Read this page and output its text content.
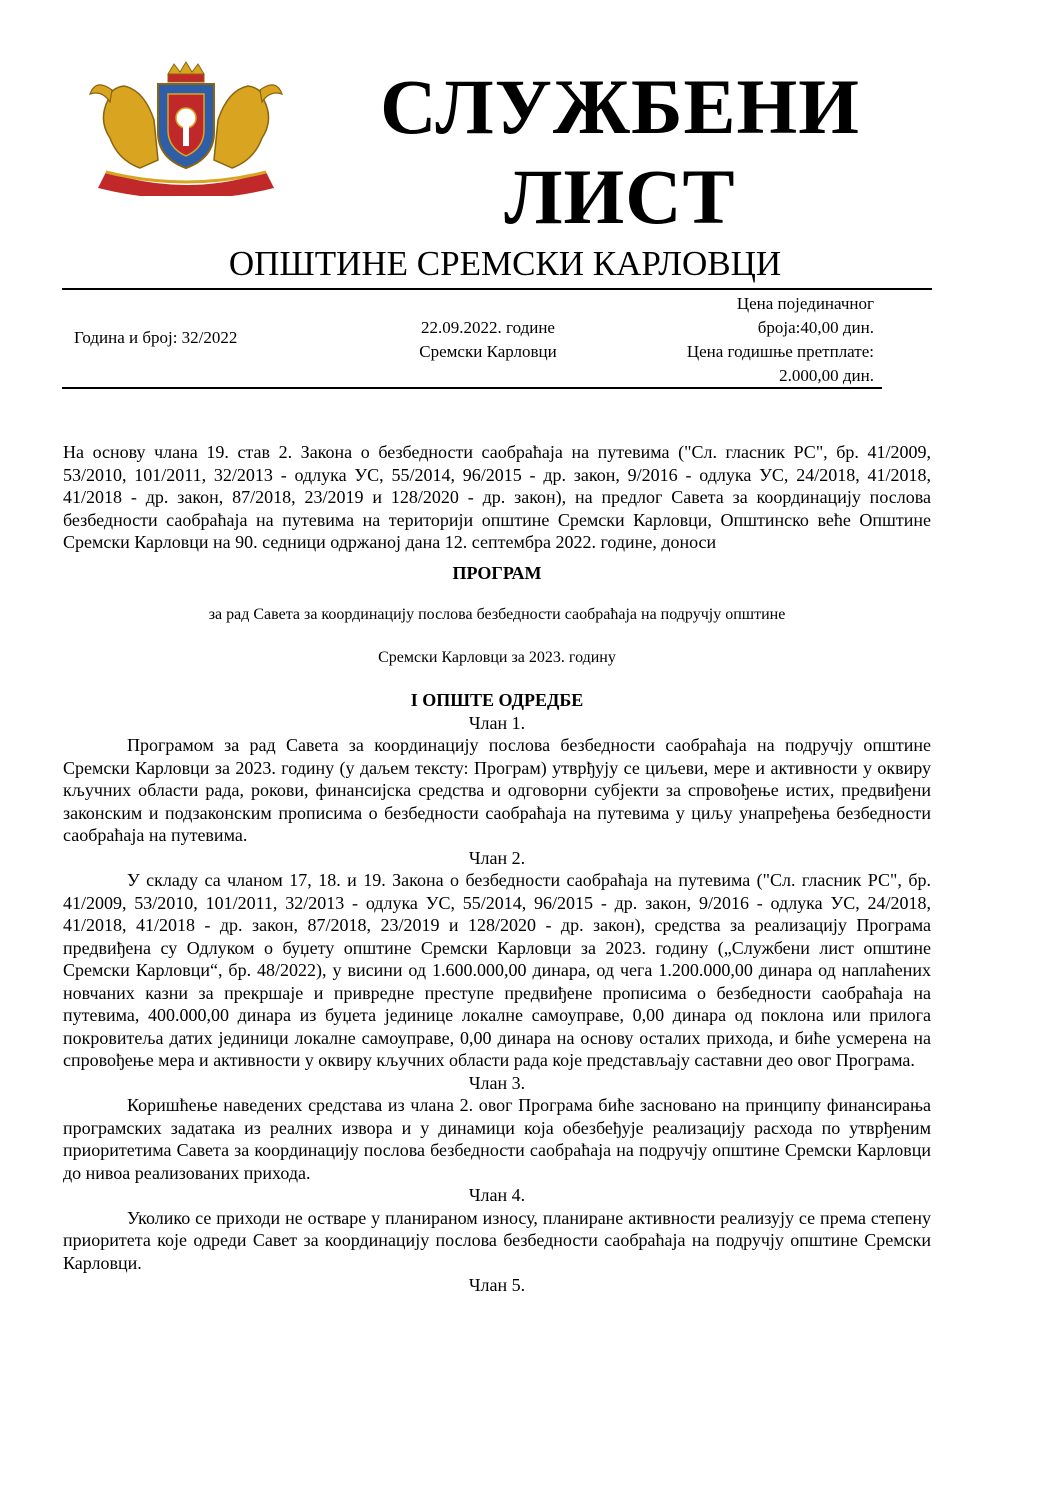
СЛУЖБЕНИ
ЛИСТ
ОПШТИНЕ СРЕМСКИ КАРЛОВЦИ
Година и број: 32/2022
22.09.2022. године
Сремски Карловци
Цена појединачног
броја:40,00 дин.
Цена годишње претплате:
2.000,00 дин.

На основу члана 19. став 2. Закона о безбедности саобраћаја на путевима ("Сл. гласник РС", бр. 41/2009, 53/2010, 101/2011, 32/2013 - одлука УС, 55/2014, 96/2015 - др. закон, 9/2016 - одлука УС, 24/2018, 41/2018, 41/2018 - др. закон, 87/2018, 23/2019 и 128/2020 - др. закон), на предлог Савета за координацију послова безбедности саобраћаја на путевима на територији општине Сремски Карловци, Општинско веће Општине Сремски Карловци на 90. седници одржаној дана 12. септембра 2022. године, доноси

ПРОГРАМ

за рад Савета за координацију послова безбедности саобраћаја на подручју општине

Сремски Карловци за 2023. годину

I ОПШТЕ ОДРЕДБЕ

Члан 1.

Програмом за рад Савета за координацију послова безбедности саобраћаја на подручју општине Сремски Карловци за 2023. годину (у даљем тексту: Програм) утврђују се циљеви, мере и активности у оквиру кључних области рада, рокови, финансијска средства и одговорни субјекти за спровођење истих, предвиђени законским и подзаконским прописима о безбедности саобраћаја на путевима у циљу унапређења безбедности саобраћаја на путевима.

Члан 2.

У складу са чланом 17, 18. и 19. Закона о безбедности саобраћаја на путевима ("Сл. гласник РС", бр. 41/2009, 53/2010, 101/2011, 32/2013 - одлука УС, 55/2014, 96/2015 - др. закон, 9/2016 - одлука УС, 24/2018, 41/2018, 41/2018 - др. закон, 87/2018, 23/2019 и 128/2020 - др. закон), средства за реализацију Програма предвиђена су Одлуком о буџету општине Сремски Карловци за 2023. годину („Службени лист општине Сремски Карловци“, бр. 48/2022), у висини од 1.600.000,00 динара, од чега 1.200.000,00 динара од наплаћених новчаних казни за прекршаје и привредне преступе предвиђене прописима о безбедности саобраћаја на путевима, 400.000,00 динара из буџета јединице локалне самоуправе, 0,00 динара од поклона или прилога покровитеља датих јединици локалне самоуправе, 0,00 динара на основу осталих прихода, и биће усмерена на спровођење мера и активности у оквиру кључних области рада које представљају саставни део овог Програма.

Члан 3.

Коришћење наведених средстава из члана 2. овог Програма биће засновано на принципу финансирања програмских задатака из реалних извора и у динамици која обезбеђује реализацију расхода по утврђеним приоритетима Савета за координацију послова безбедности саобраћаја на подручју општине Сремски Карловци до нивоа реализованих прихода.

Члан 4.

Уколико се приходи не остваре у планираном износу, планиране активности реализују се према степену приоритета које одреди Савет за координацију послова безбедности саобраћаја на подручју општине Сремски Карловци.

Члан 5.
